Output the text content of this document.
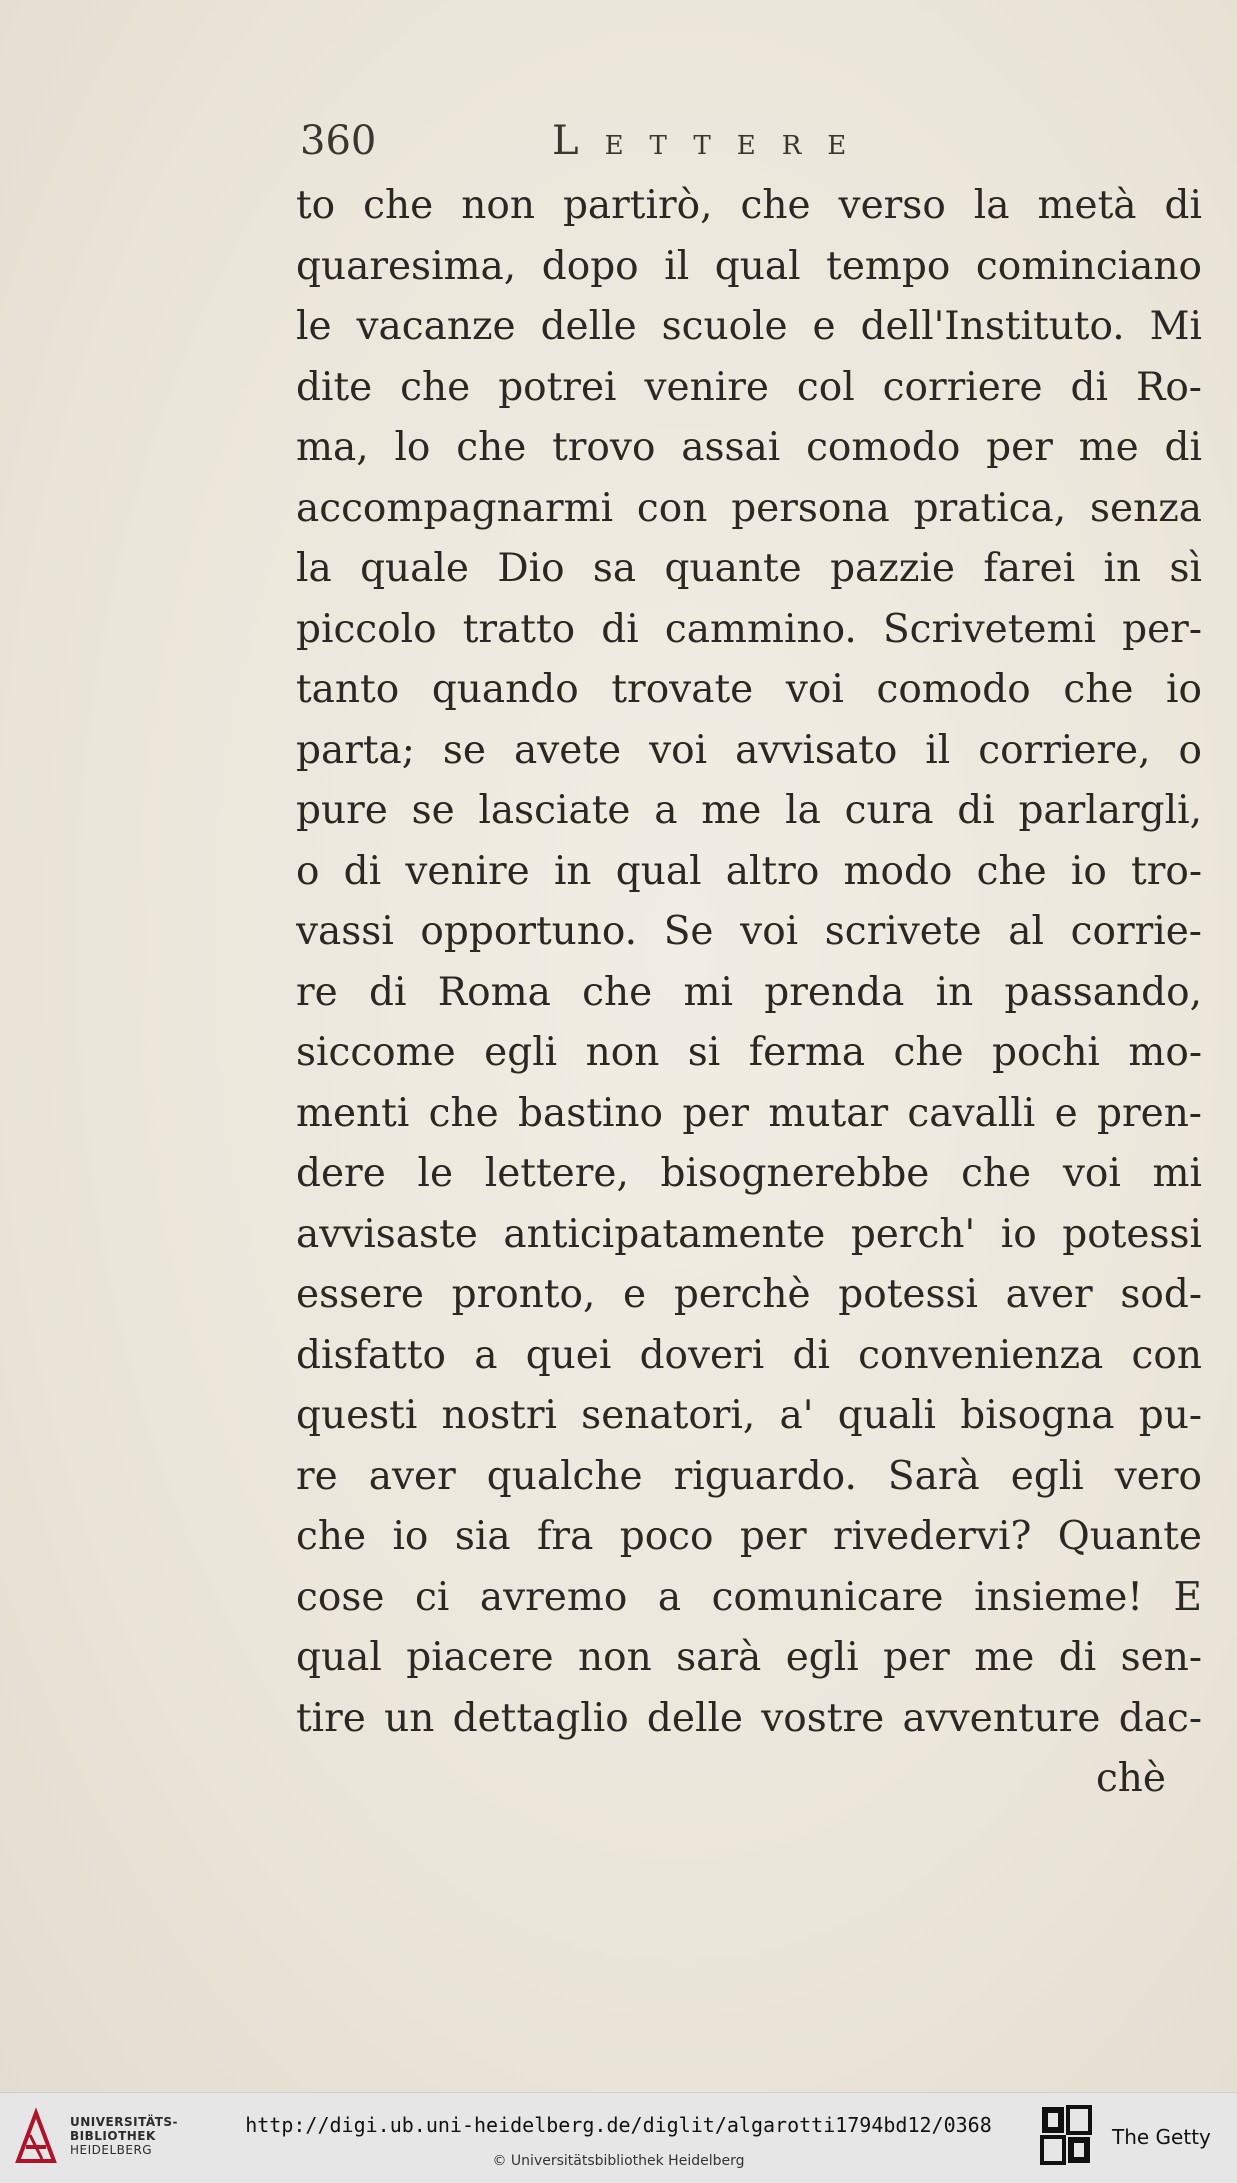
360	LETTERE
to che non partirò, che verso la metà di
quaresima, dopo il qual tempo cominciano
le vacanze delle scuole e dell'Instituto. Mi
dite che potrei venire col corriere di Ro-
ma, lo che trovo assai comodo per me di
accompagnarmi con persona pratica, senza
la quale Dio sa quante pazzie farei in sì
piccolo tratto di cammino. Scrivetemi per-
tanto quando trovate voi comodo che io
parta; se avete voi avvisato il corriere, o
pure se lasciate a me la cura di parlargli,
o di venire in qual altro modo che io tro-
vassi opportuno. Se voi scrivete al corrie-
re di Roma che mi prenda in passando,
siccome egli non si ferma che pochi mo-
menti che bastino per mutar cavalli e pren-
dere le lettere, bisognerebbe che voi mi
avvisaste anticipatamente perch' io potessi
essere pronto, e perchè potessi aver sod-
disfatto a quei doveri di convenienza con
questi nostri senatori, a' quali bisogna pu-
re aver qualche riguardo. Sarà egli vero
che io sia fra poco per rivedervi? Quante
cose ci avremo a comunicare insieme! E
qual piacere non sarà egli per me di sen-
tire un dettaglio delle vostre avventure dac-
chè
UNIVERSITÄTS-
BIBLIOTHEK
HEIDELBERG
http://digi.ub.uni-heidelberg.de/diglit/algarotti1794bd12/0368
© Universitätsbibliothek Heidelberg
The Getty
